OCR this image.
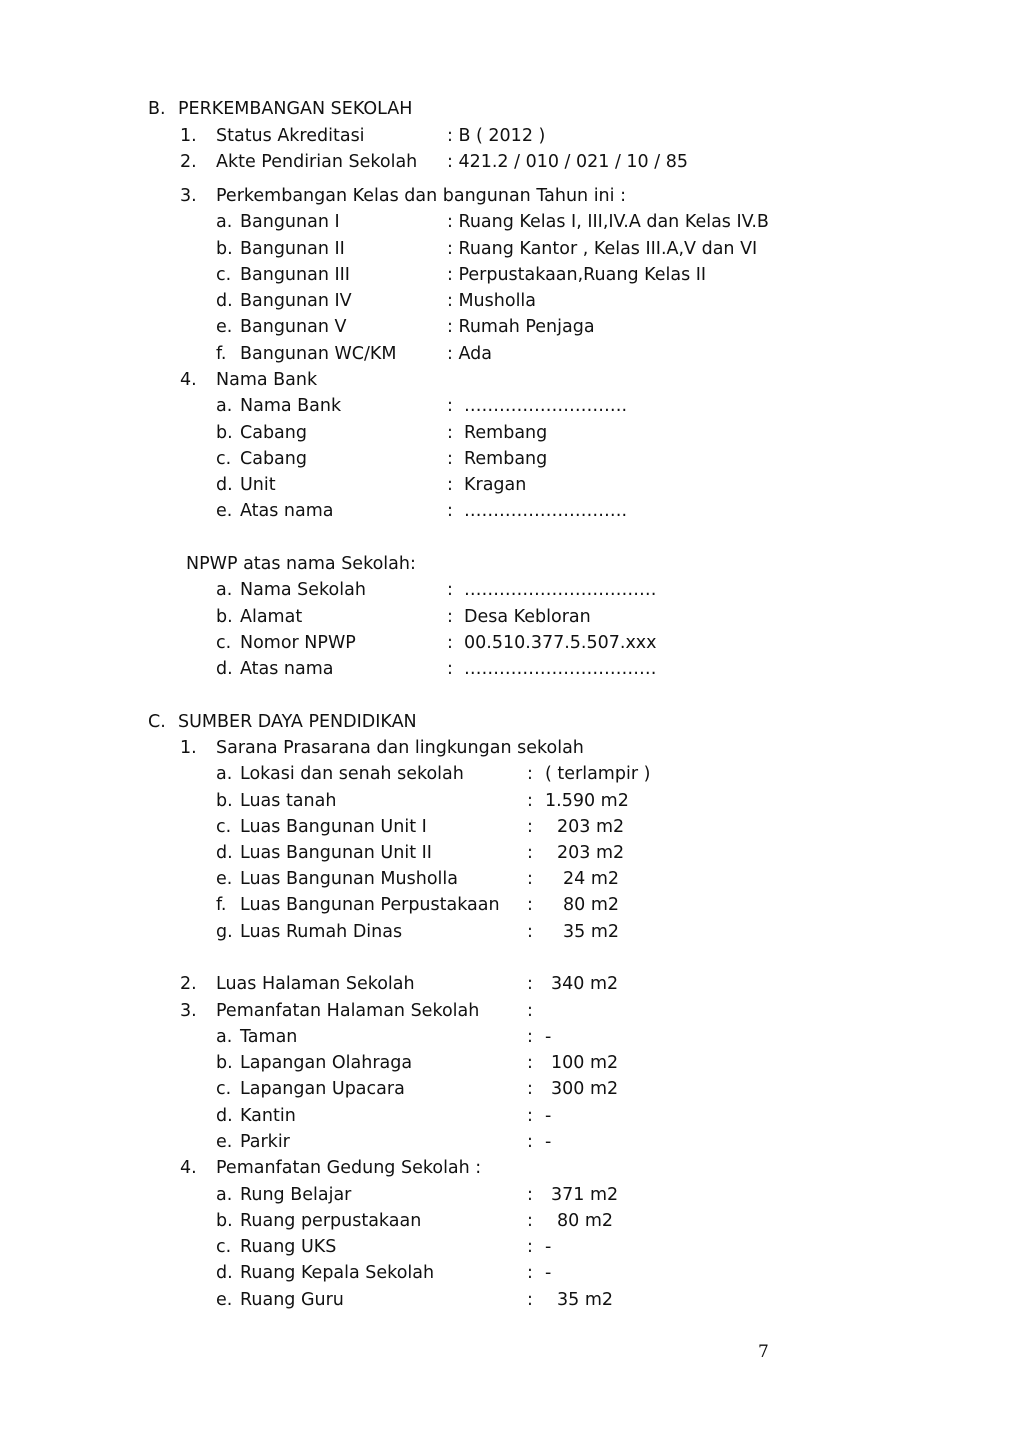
B. PERKEMBANGAN SEKOLAH
1. Status Akreditasi	: B ( 2012 )
2. Akte Pendirian Sekolah : 421.2 / 010 / 021 / 10 / 85
3. Perkembangan Kelas dan bangunan Tahun ini :
a. Bangunan I	: Ruang Kelas I, III,IV.A dan Kelas IV.B
b. Bangunan II	: Ruang Kantor , Kelas III.A,V dan VI
c. Bangunan III	: Perpustakaan,Ruang Kelas II
d. Bangunan IV	: Musholla
e. Bangunan V	: Rumah Penjaga
f. Bangunan WC/KM	: Ada
4. Nama Bank
a. Nama Bank	:  ……………………….
b. Cabang	:  Rembang
c. Cabang	:  Rembang
d. Unit	:  Kragan
e. Atas nama	:  ……………………….
NPWP atas nama Sekolah:
a. Nama Sekolah	:  ……………………………
b. Alamat	:  Desa Kebloran
c. Nomor NPWP	:  00.510.377.5.507.xxx
d. Atas nama	:  ……………………………
C. SUMBER DAYA PENDIDIKAN
1. Sarana Prasarana dan lingkungan sekolah
a. Lokasi dan senah sekolah	: ( terlampir )
b. Luas tanah	: 1.590 m2
c. Luas Bangunan Unit I	: 203 m2
d. Luas Bangunan Unit II	: 203 m2
e. Luas Bangunan Musholla	: 24 m2
f. Luas Bangunan Perpustakaan : 80 m2
g. Luas Rumah Dinas	: 35 m2
2. Luas Halaman Sekolah	: 340 m2
3. Pemanfatan Halaman Sekolah	:
a. Taman	: -
b. Lapangan Olahraga	: 100 m2
c. Lapangan Upacara	: 300 m2
d. Kantin	: -
e. Parkir	: -
4. Pemanfatan Gedung Sekolah :
a. Rung Belajar	: 371 m2
b. Ruang perpustakaan	: 80 m2
c. Ruang UKS	: -
d. Ruang Kepala Sekolah	: -
e. Ruang Guru	: 35 m2
7
